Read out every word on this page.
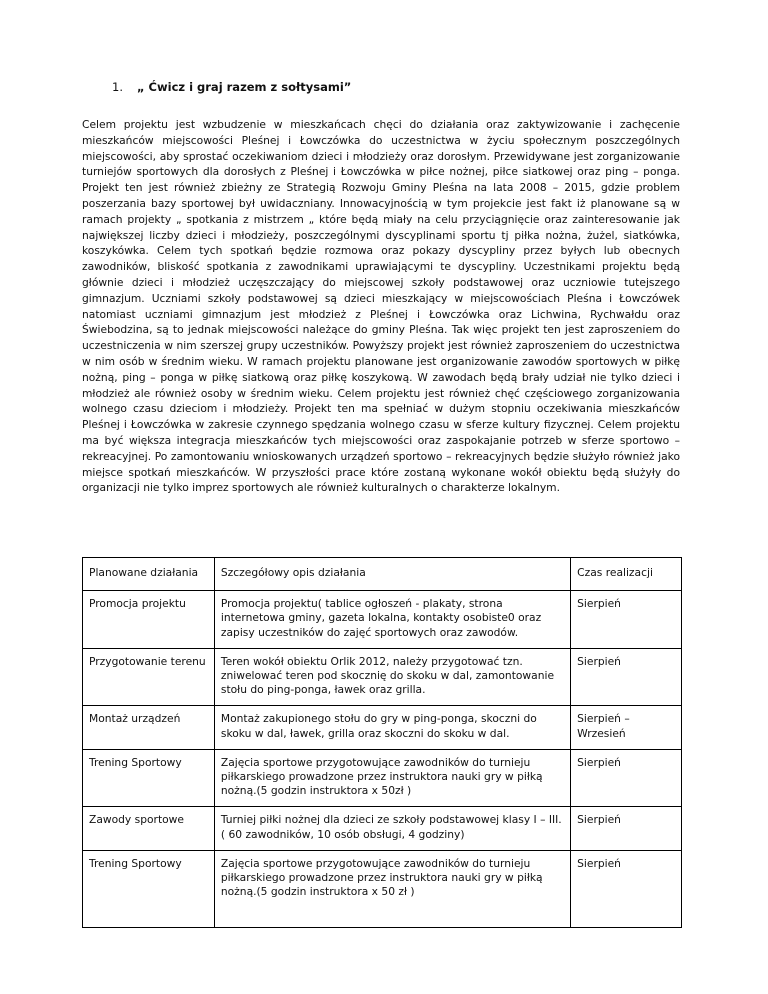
1. „ Ćwicz i graj razem z sołtysami”

Celem projektu jest wzbudzenie w mieszkańcach chęci do działania oraz zaktywizowanie i zachęcenie mieszkańców miejscowości Pleśnej i Łowczówka do uczestnictwa w życiu społecznym poszczególnych miejscowości, aby sprostać oczekiwaniom dzieci i młodzieży oraz dorosłym. Przewidywane jest zorganizowanie turniejów sportowych dla dorosłych z Pleśnej i Łowczówka w piłce nożnej, piłce siatkowej oraz ping – ponga. Projekt ten jest również zbieżny ze Strategią Rozwoju Gminy Pleśna na lata 2008 – 2015, gdzie problem poszerzania bazy sportowej był uwidaczniany. Innowacyjnością w tym projekcie jest fakt iż planowane są w ramach projekty „ spotkania z mistrzem „ które będą miały na celu przyciągnięcie oraz zainteresowanie jak największej liczby dzieci i młodzieży, poszczególnymi dyscyplinami sportu tj piłka nożna, żużel, siatkówka, koszykówka. Celem tych spotkań będzie rozmowa oraz pokazy dyscypliny przez byłych lub obecnych zawodników, bliskość spotkania z zawodnikami uprawiającymi te dyscypliny. Uczestnikami projektu będą głównie dzieci i młodzież uczęszczający do miejscowej szkoły podstawowej oraz uczniowie tutejszego gimnazjum. Uczniami szkoły podstawowej są dzieci mieszkający w miejscowościach Pleśna i Łowczówek natomiast uczniami gimnazjum jest młodzież z Pleśnej i Łowczówka oraz Lichwina, Rychwałdu oraz Świebodzina, są to jednak miejscowości należące do gminy Pleśna. Tak więc projekt ten jest zaproszeniem do uczestniczenia w nim szerszej grupy uczestników. Powyższy projekt jest również zaproszeniem do uczestnictwa w nim osób w średnim wieku. W ramach projektu planowane jest organizowanie zawodów sportowych w piłkę nożną, ping – ponga w piłkę siatkową oraz piłkę koszykową. W zawodach będą brały udział nie tylko dzieci i młodzież ale również osoby w średnim wieku. Celem projektu jest również chęć częściowego zorganizowania wolnego czasu dzieciom i młodzieży. Projekt ten ma spełniać w dużym stopniu oczekiwania mieszkańców Pleśnej i Łowczówka w zakresie czynnego spędzania wolnego czasu w sferze kultury fizycznej. Celem projektu ma być większa integracja mieszkańców tych miejscowości oraz zaspokajanie potrzeb w sferze sportowo – rekreacyjnej. Po zamontowaniu wnioskowanych urządzeń sportowo – rekreacyjnych będzie służyło również jako miejsce spotkań mieszkańców. W przyszłości prace które zostaną wykonane wokół obiektu będą służyły do organizacji nie tylko imprez sportowych ale również kulturalnych o charakterze lokalnym.

Planowane działania	Szczegółowy opis działania	Czas realizacji
Promocja projektu	Promocja projektu( tablice ogłoszeń - plakaty, strona internetowa gminy, gazeta lokalna, kontakty osobiste0 oraz zapisy uczestników do zajęć sportowych oraz zawodów.	Sierpień
Przygotowanie terenu	Teren wokół obiektu Orlik 2012, należy przygotować tzn. zniwelować teren pod skocznię do skoku w dal, zamontowanie stołu do ping-ponga, ławek oraz grilla.	Sierpień
Montaż urządzeń	Montaż zakupionego stołu do gry w ping-ponga, skoczni do skoku w dal, ławek, grilla oraz skoczni do skoku w dal.	Sierpień – Wrzesień
Trening Sportowy	Zajęcia sportowe przygotowujące zawodników do turnieju piłkarskiego prowadzone przez instruktora nauki gry w piłką nożną.(5 godzin instruktora x 50zł )	Sierpień
Zawody sportowe	Turniej piłki nożnej dla dzieci ze szkoły podstawowej klasy I – III. ( 60 zawodników, 10 osób obsługi, 4 godziny)	Sierpień
Trening Sportowy	Zajęcia sportowe przygotowujące zawodników do turnieju piłkarskiego prowadzone przez instruktora nauki gry w piłką nożną.(5 godzin instruktora x 50 zł )	Sierpień
